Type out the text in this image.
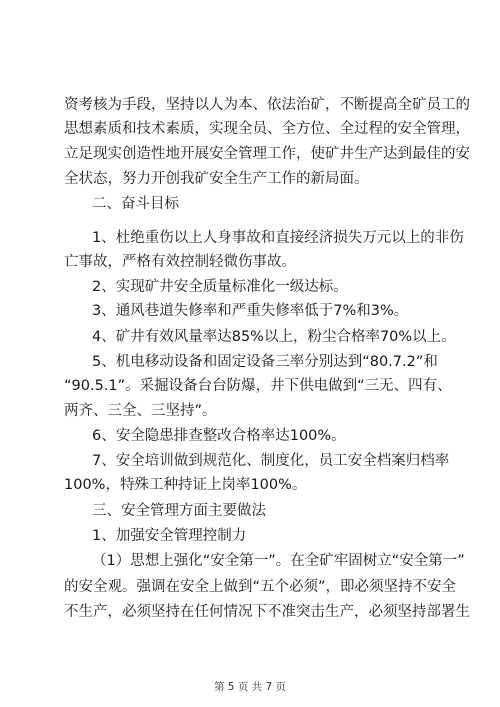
资考核为手段，坚持以人为本、依法治矿，不断提高全矿员工的
思想素质和技术素质，实现全员、全方位、全过程的安全管理，
立足现实创造性地开展安全管理工作，使矿井生产达到最佳的安
全状态，努力开创我矿安全生产工作的新局面。
二、奋斗目标
1、杜绝重伤以上人身事故和直接经济损失万元以上的非伤
亡事故，严格有效控制轻微伤事故。
2、实现矿井安全质量标准化一级达标。
3、通风巷道失修率和严重失修率低于7%和3%。
4、矿井有效风量率达85%以上，粉尘合格率70%以上。
5、机电移动设备和固定设备三率分别达到“80.7.2”和
“90.5.1”。采掘设备台台防爆，井下供电做到“三无、四有、
两齐、三全、三坚持”。
6、安全隐患排查整改合格率达100%。
7、安全培训做到规范化、制度化，员工安全档案归档率
100%，特殊工种持证上岗率100%。
三、安全管理方面主要做法
1、加强安全管理控制力
（1）思想上强化“安全第一”。在全矿牢固树立“安全第一”
的安全观。强调在安全上做到“五个必须”，即必须坚持不安全
不生产，必须坚持在任何情况下不准突击生产，必须坚持部署生
第 5 页 共 7 页
